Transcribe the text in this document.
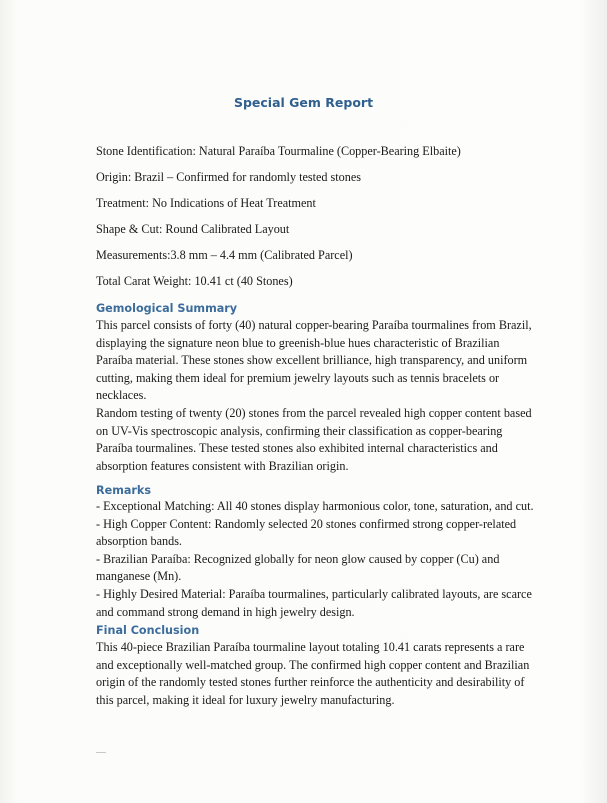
Special Gem Report
Stone Identification: Natural Paraíba Tourmaline (Copper-Bearing Elbaite)
Origin: Brazil – Confirmed for randomly tested stones
Treatment: No Indications of Heat Treatment
Shape & Cut: Round Calibrated Layout
Measurements:3.8 mm – 4.4 mm (Calibrated Parcel)
Total Carat Weight: 10.41 ct (40 Stones)
Gemological Summary

This parcel consists of forty (40) natural copper-bearing Paraíba tourmalines from Brazil, displaying the signature neon blue to greenish-blue hues characteristic of Brazilian Paraíba material. These stones show excellent brilliance, high transparency, and uniform cutting, making them ideal for premium jewelry layouts such as tennis bracelets or necklaces.

Random testing of twenty (20) stones from the parcel revealed high copper content based on UV-Vis spectroscopic analysis, confirming their classification as copper-bearing Paraíba tourmalines. These tested stones also exhibited internal characteristics and absorption features consistent with Brazilian origin.

Remarks

- Exceptional Matching: All 40 stones display harmonious color, tone, saturation, and cut.

- High Copper Content: Randomly selected 20 stones confirmed strong copper-related absorption bands.

- Brazilian Paraíba: Recognized globally for neon glow caused by copper (Cu) and manganese (Mn).

- Highly Desired Material: Paraíba tourmalines, particularly calibrated layouts, are scarce and command strong demand in high jewelry design.

Final Conclusion

This 40-piece Brazilian Paraíba tourmaline layout totaling 10.41 carats represents a rare and exceptionally well-matched group. The confirmed high copper content and Brazilian origin of the randomly tested stones further reinforce the authenticity and desirability of this parcel, making it ideal for luxury jewelry manufacturing.
